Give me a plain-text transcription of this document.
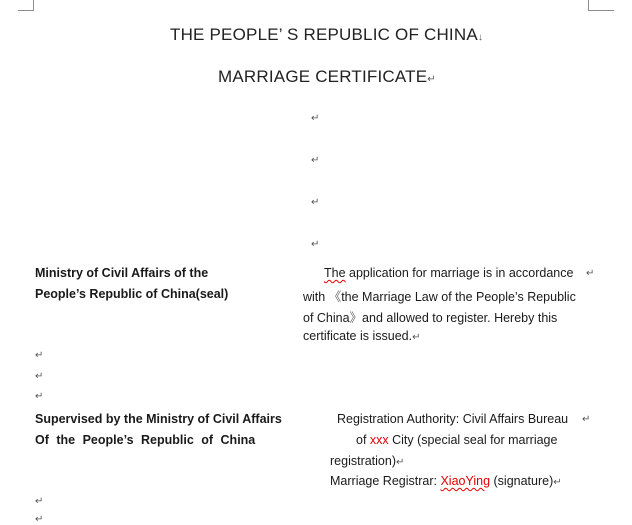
THE PEOPLE’ S REPUBLIC OF CHINA↓
MARRIAGE CERTIFICATE↵
↵
↵
↵
↵
Ministry of Civil Affairs of the
People’s Republic of China(seal)
The application for marriage is in accordance ↵
with 《the Marriage Law of the People’s Republic
of China》and allowed to register. Hereby this
certificate is issued.↵
↵
↵
↵
Supervised by the Ministry of Civil Affairs
Of the People’s Republic of China
Registration Authority: Civil Affairs Bureau ↵
of xxx City (special seal for marriage
registration)↵
Marriage Registrar: XiaoYing (signature)↵
↵
↵
